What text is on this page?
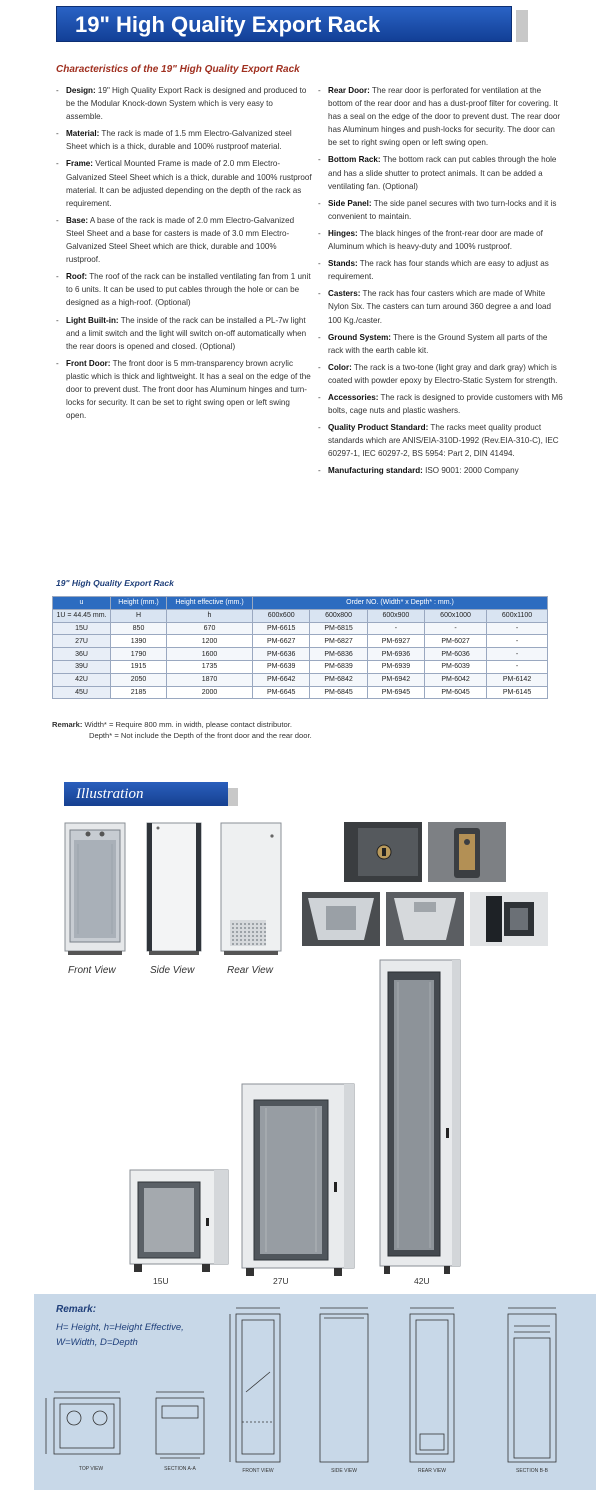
19" High Quality Export Rack
Characteristics of the 19" High Quality Export Rack
- Design: 19" High Quality Export Rack is designed and produced to be the Modular Knock-down System which is very easy to assemble.
- Material: The rack is made of 1.5 mm Electro-Galvanized steel Sheet which is a thick, durable and 100% rustproof material.
- Frame: Vertical Mounted Frame is made of 2.0 mm Electro-Galvanized Steel Sheet which is a thick, durable and 100% rustproof material. It can be adjusted depending on the depth of the rack as requirement.
- Base: A base of the rack is made of 2.0 mm Electro-Galvanized Steel Sheet and a base for casters is made of 3.0 mm Electro-Galvanized Steel Sheet which are thick, durable and 100% rustproof.
- Roof: The roof of the rack can be installed ventilating fan from 1 unit to 6 units. It can be used to put cables through the hole or can be designed as a high-roof. (Optional)
- Light Built-in: The inside of the rack can be installed a PL-7w light and a limit switch and the light will switch on-off automatically when the rear doors is opened and closed. (Optional)
- Front Door: The front door is 5 mm-transparency brown acrylic plastic which is thick and lightweight. It has a seal on the edge of the door to prevent dust. The front door has Aluminum hinges and turn-locks for security. It can be set to right swing open or left swing open.
- Rear Door: The rear door is perforated for ventilation at the bottom of the rear door and has a dust-proof filter for covering. It has a seal on the edge of the door to prevent dust. The rear door has Aluminum hinges and push-locks for security. The door can be set to right swing open or left swing open.
- Bottom Rack: The bottom rack can put cables through the hole and has a slide shutter to protect animals. It can be added a ventilating fan. (Optional)
- Side Panel: The side panel secures with two turn-locks and it is convenient to maintain.
- Hinges: The black hinges of the front-rear door are made of Aluminum which is heavy-duty and 100% rustproof.
- Stands: The rack has four stands which are easy to adjust as requirement.
- Casters: The rack has four casters which are made of White Nylon Six. The casters can turn around 360 degree a and load 100 Kg./caster.
- Ground System: There is the Ground System all parts of the rack with the earth cable kit.
- Color: The rack is a two-tone (light gray and dark gray) which is coated with powder epoxy by Electro-Static System for strength.
- Accessories: The rack is designed to provide customers with M6 bolts, cage nuts and plastic washers.
- Quality Product Standard: The racks meet quality product standards which are ANIS/EIA-310D-1992 (Rev.EIA-310-C), IEC 60297-1, IEC 60297-2, BS 5954: Part 2, DIN 41494.
- Manufacturing standard: ISO 9001: 2000 Company
19" High Quality Export Rack
u	Height (mm.)	Height effective (mm.)	Order NO. (Width* x Depth* : mm.)				
1U = 44.45 mm.	H	h	600x600	600x800	600x900	600x1000	600x1100
15U	850	670	PM-6615	PM-6815	-	-	-
27U	1390	1200	PM-6627	PM-6827	PM-6927	PM-6027	-
36U	1790	1600	PM-6636	PM-6836	PM-6936	PM-6036	-
39U	1915	1735	PM-6639	PM-6839	PM-6939	PM-6039	-
42U	2050	1870	PM-6642	PM-6842	PM-6942	PM-6042	PM-6142
45U	2185	2000	PM-6645	PM-6845	PM-6945	PM-6045	PM-6145
Remark: Width* = Require 800 mm. in width, please contact distributor.
Depth* = Not include the Depth of the front door and the rear door.
Illustration
Front View	Side View	Rear View
15U	27U	42U
Remark:
H= Height, h=Height Effective,
W=Width, D=Depth
TOP VIEW	SECTION A-A	FRONT VIEW	SIDE VIEW	REAR VIEW	SECTION B-B
